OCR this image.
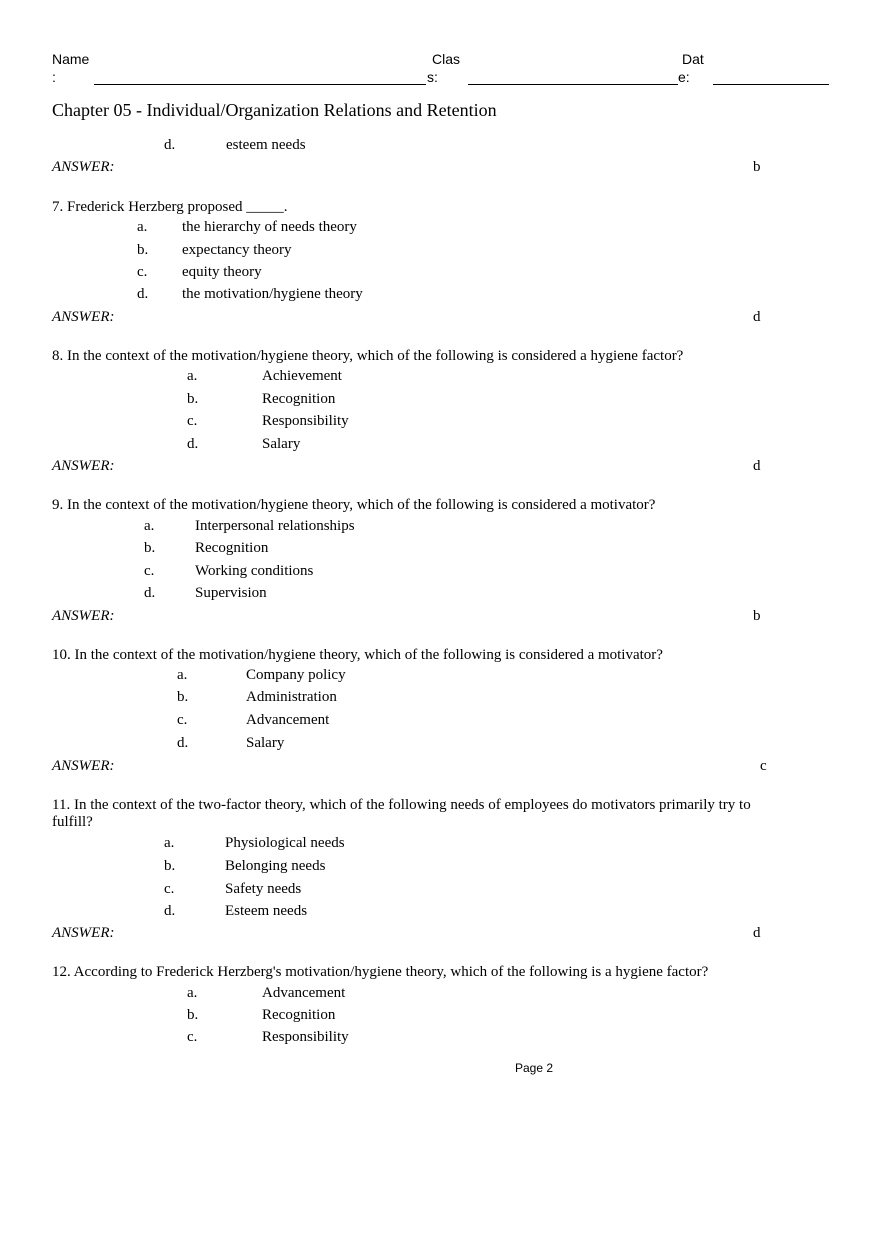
Name
:
Clas
s:
Dat
e:
Chapter 05 - Individual/Organization Relations and Retention
d.	esteem needs
ANSWER:	b
7. Frederick Herzberg proposed _____.
a. the hierarchy of needs theory
b. expectancy theory
c. equity theory
d. the motivation/hygiene theory
ANSWER:	d
8. In the context of the motivation/hygiene theory, which of the following is considered a hygiene factor?
a.	Achievement
b.	Recognition
c.	Responsibility
d.	Salary
ANSWER:	d
9. In the context of the motivation/hygiene theory, which of the following is considered a motivator?
a.	Interpersonal relationships
b.	Recognition
c.	Working conditions
d.	Supervision
ANSWER:	b
10. In the context of the motivation/hygiene theory, which of the following is considered a motivator?
a.	Company policy
b.	Administration
c.	Advancement
d.	Salary
ANSWER:	c
11. In the context of the two-factor theory, which of the following needs of employees do motivators primarily try to
fulfill?
a.	Physiological needs
b.	Belonging needs
c.	Safety needs
d.	Esteem needs
ANSWER:	d
12. According to Frederick Herzberg's motivation/hygiene theory, which of the following is a hygiene factor?
a.	Advancement
b.	Recognition
c.	Responsibility
Page 2
